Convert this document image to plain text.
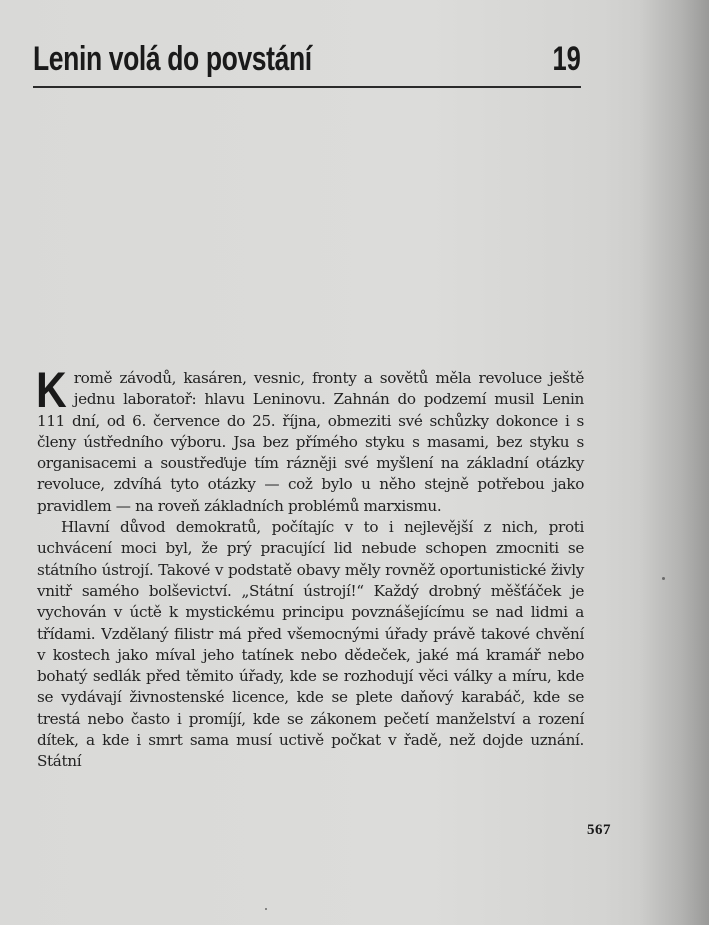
Lenin volá do povstání	19

Kromě závodů, kasáren, vesnic, fronty a sovětů měla revoluce ještě jednu laboratoř: hlavu Leninovu. Zahnán do podzemí musil Lenin 111 dní, od 6. července do 25. října, obmeziti své schůzky dokonce i s členy ústředního výboru. Jsa bez přímého styku s masami, bez styku s organisacemi a soustřeďuje tím rázněji své myšlení na základní otázky revoluce, zdvíhá tyto otázky — což bylo u něho stejně potřebou jako pravidlem — na roveň základních problémů marxismu.

Hlavní důvod demokratů, počítajíc v to i nejlevější z nich, proti uchvácení moci byl, že prý pracující lid nebude schopen zmocniti se státního ústrojí. Takové v podstatě obavy měly rovněž oportunistické živly vnitř samého bolševictví. „Státní ústrojí!“ Každý drobný měšťáček je vychován v úctě k mystickému principu povznášejícímu se nad lidmi a třídami. Vzdělaný filistr má před všemocnými úřady právě takové chvění v kostech jako míval jeho tatínek nebo dědeček, jaké má kramář nebo bohatý sedlák před těmito úřady, kde se rozhodují věci války a míru, kde se vydávají živnostenské licence, kde se plete daňový karabáč, kde se trestá nebo často i promíjí, kde se zákonem pečetí manželství a rození dítek, a kde i smrt sama musí uctivě počkat v řadě, než dojde uznání. Státní

567
